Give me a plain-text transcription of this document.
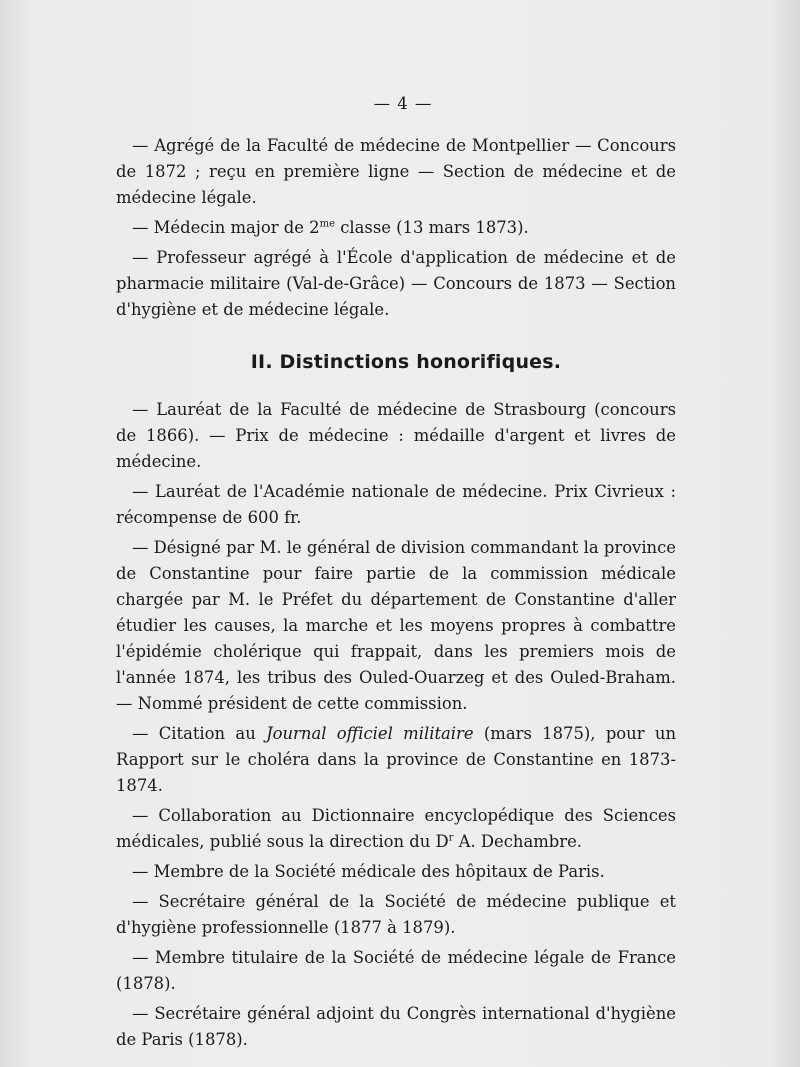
— 4 —

— Agrégé de la Faculté de médecine de Montpellier — Concours de 1872 ; reçu en première ligne — Section de médecine et de médecine légale.

— Médecin major de $2^{me}$ classe (13 mars 1873).

— Professeur agrégé à l'École d'application de médecine et de pharmacie militaire (Val-de-Grâce) — Concours de 1873 — Section d'hygiène et de médecine légale.

II. Distinctions honorifiques.

— Lauréat de la Faculté de médecine de Strasbourg (concours de 1866). — Prix de médecine : médaille d'argent et livres de médecine.

— Lauréat de l'Académie nationale de médecine. Prix Civrieux : récompense de 600 fr.

— Désigné par M. le général de division commandant la province de Constantine pour faire partie de la commission médicale chargée par M. le Préfet du département de Constantine d'aller étudier les causes, la marche et les moyens propres à combattre l'épidémie cholérique qui frappait, dans les premiers mois de l'année 1874, les tribus des Ouled-Ouarzeg et des Ouled-Braham. — Nommé président de cette commission.

— Citation au Journal officiel militaire (mars 1875), pour un Rapport sur le choléra dans la province de Constantine en 1873-1874.

— Collaboration au Dictionnaire encyclopédique des Sciences médicales, publié sous la direction du $D^r$ A. Dechambre.

— Membre de la Société médicale des hôpitaux de Paris.

— Secrétaire général de la Société de médecine publique et d'hygiène professionnelle (1877 à 1879).

— Membre titulaire de la Société de médecine légale de France (1878).

— Secrétaire général adjoint du Congrès international d'hygiène de Paris (1878).
